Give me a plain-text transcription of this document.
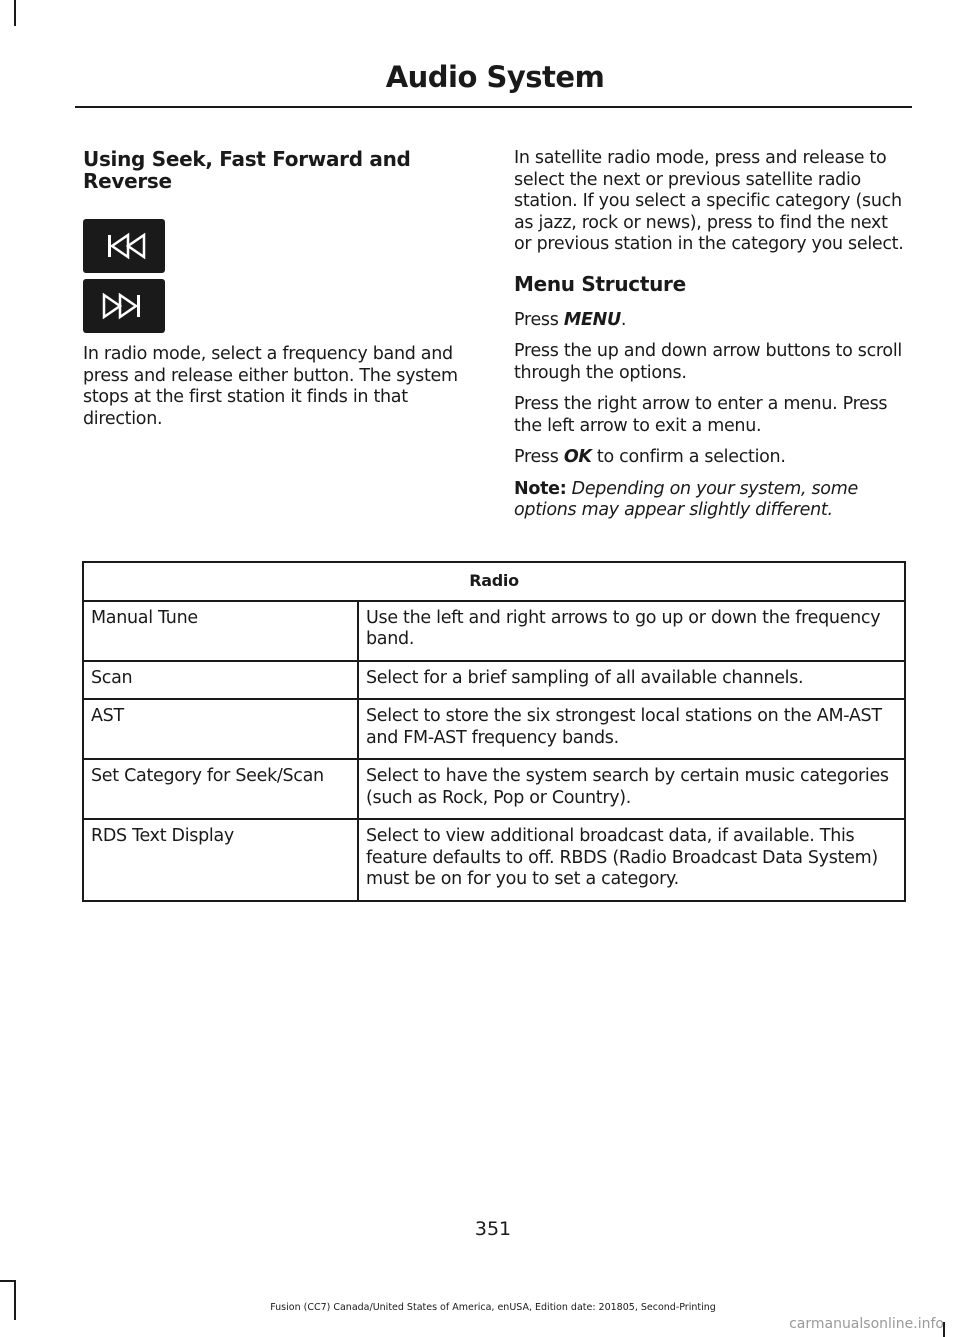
Audio System
Using Seek, Fast Forward and Reverse

In radio mode, select a frequency band and press and release either button. The system stops at the first station it finds in that direction.

In satellite radio mode, press and release to select the next or previous satellite radio station. If you select a specific category (such as jazz, rock or news), press to find the next or previous station in the category you select.

Menu Structure

Press MENU.

Press the up and down arrow buttons to scroll through the options.

Press the right arrow to enter a menu. Press the left arrow to exit a menu.

Press OK to confirm a selection.

Note: Depending on your system, some options may appear slightly different.

Radio	
Manual Tune	Use the left and right arrows to go up or down the frequency band.
Scan	Select for a brief sampling of all available channels.
AST	Select to store the six strongest local stations on the AM-AST and FM-AST frequency bands.
Set Category for Seek/Scan	Select to have the system search by certain music categories (such as Rock, Pop or Country).
RDS Text Display	Select to view additional broadcast data, if available. This feature defaults to off. RBDS (Radio Broadcast Data System) must be on for you to set a category.
351
Fusion (CC7) Canada/United States of America, enUSA, Edition date: 201805, Second-Printing
carmanualsonline.info
